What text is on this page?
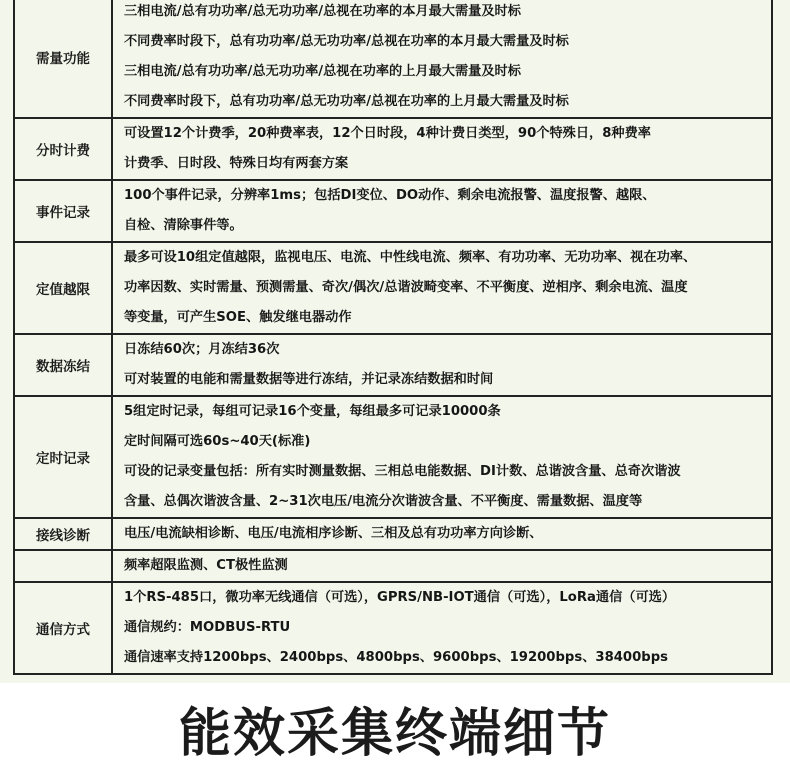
需量功能	三相电流/总有功功率/总无功功率/总视在功率的本月最大需量及时标
不同费率时段下，总有功功率/总无功功率/总视在功率的本月最大需量及时标
三相电流/总有功功率/总无功功率/总视在功率的上月最大需量及时标
不同费率时段下，总有功功率/总无功功率/总视在功率的上月最大需量及时标

分时计费	可设置12个计费季，20种费率表，12个日时段，4种计费日类型，90个特殊日，8种费率
计费季、日时段、特殊日均有两套方案

事件记录	100个事件记录，分辨率1ms；包括DI变位、DO动作、剩余电流报警、温度报警、越限、
自检、清除事件等。

定值越限	最多可设10组定值越限，监视电压、电流、中性线电流、频率、有功功率、无功功率、视在功率、
功率因数、实时需量、预测需量、奇次/偶次/总谐波畸变率、不平衡度、逆相序、剩余电流、温度
等变量，可产生SOE、触发继电器动作

数据冻结	日冻结60次；月冻结36次
可对装置的电能和需量数据等进行冻结，并记录冻结数据和时间

定时记录	5组定时记录，每组可记录16个变量，每组最多可记录10000条
定时间隔可选60s~40天(标准)
可设的记录变量包括：所有实时测量数据、三相总电能数据、DI计数、总谐波含量、总奇次谐波
含量、总偶次谐波含量、2~31次电压/电流分次谐波含量、不平衡度、需量数据、温度等

接线诊断	电压/电流缺相诊断、电压/电流相序诊断、三相及总有功功率方向诊断、

	频率超限监测、CT极性监测

通信方式	1个RS-485口，微功率无线通信（可选），GPRS/NB-IOT通信（可选），LoRa通信（可选）
通信规约：MODBUS-RTU
通信速率支持1200bps、2400bps、4800bps、9600bps、19200bps、38400bps
能效采集终端细节
